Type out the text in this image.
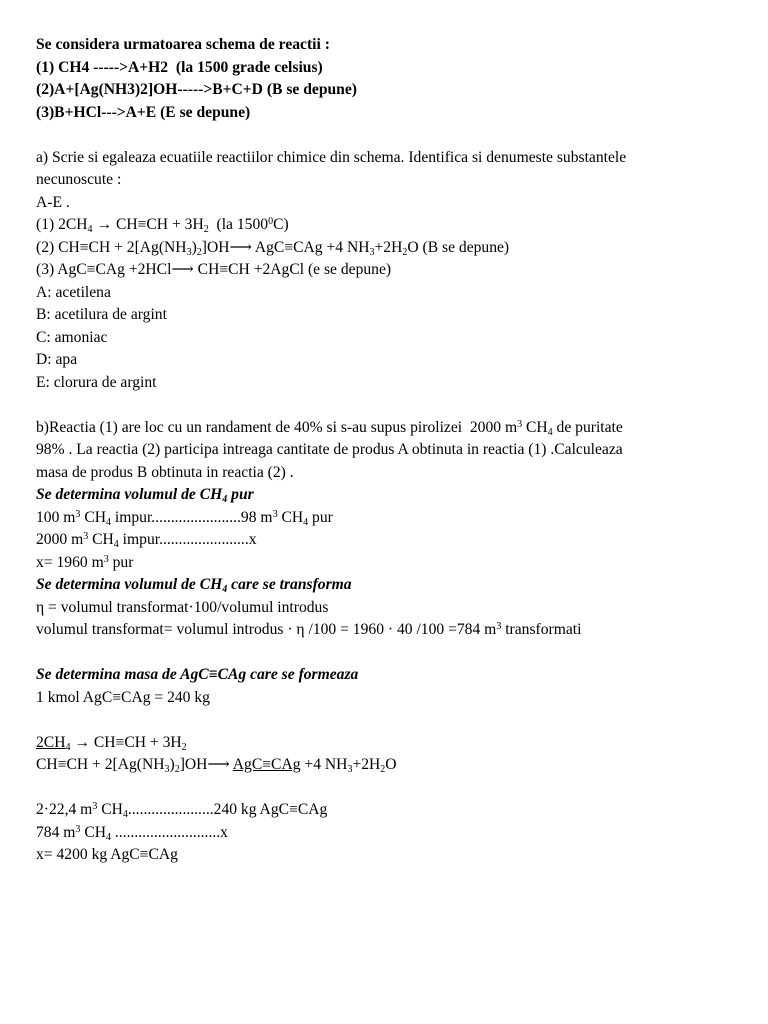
Se considera urmatoarea schema de reactii :
(1) CH4 ----->A+H2  (la 1500 grade celsius)
(2)A+[Ag(NH3)2]OH----->B+C+D (B se depune)
(3)B+HCl--->A+E (E se depune)
a) Scrie si egaleaza ecuatiile reactiilor chimice din schema. Identifica si denumeste substantele
necunoscute :
A-E .
(1) $2CH_4 \to CH\equiv CH + 3H_2$  (la 1500$^0$C)
(2) $CH\equiv CH + 2[Ag(NH_3)_2]OH⟶$ AgC≡CAg +4 $NH_3+2H_2O$ (B se depune)
(3) AgC≡CAg +2HCl⟶ CH≡CH +2AgCl (e se depune)
A: acetilena
B: acetilura de argint
C: amoniac
D: apa
E: clorura de argint
b)Reactia (1) are loc cu un randament de 40% si s-au supus pirolizei  2000 $m^3$ $CH_4$ de puritate
98% . La reactia (2) participa intreaga cantitate de produs A obtinuta in reactia (1) .Calculeaza
masa de produs B obtinuta in reactia (2) .
Se determina volumul de $CH_4$ pur
100 $m^3$ $CH_4$ impur.......................98 $m^3$ $CH_4$ pur
2000 $m^3$ $CH_4$ impur.......................x
x= 1960 $m^3$ pur
Se determina volumul de $CH_4$ care se transforma
η = volumul transformat·100/volumul introdus
volumul transformat= volumul introdus · η /100 = 1960 · 40 /100 =784 $m^3$ transformati
Se determina masa de AgC≡CAg care se formeaza
1 kmol AgC≡CAg = 240 kg
$2CH_4 \to CH\equiv CH + 3H_2$
$CH\equiv CH + 2[Ag(NH_3)_2]OH⟶$ AgC≡CAg +4 $NH_3+2H_2O$
2·22,4 $m^3$ $CH_4......................240$ kg AgC≡CAg
784 $m^3$ $CH_4$ ...........................x
x= 4200 kg AgC≡CAg
